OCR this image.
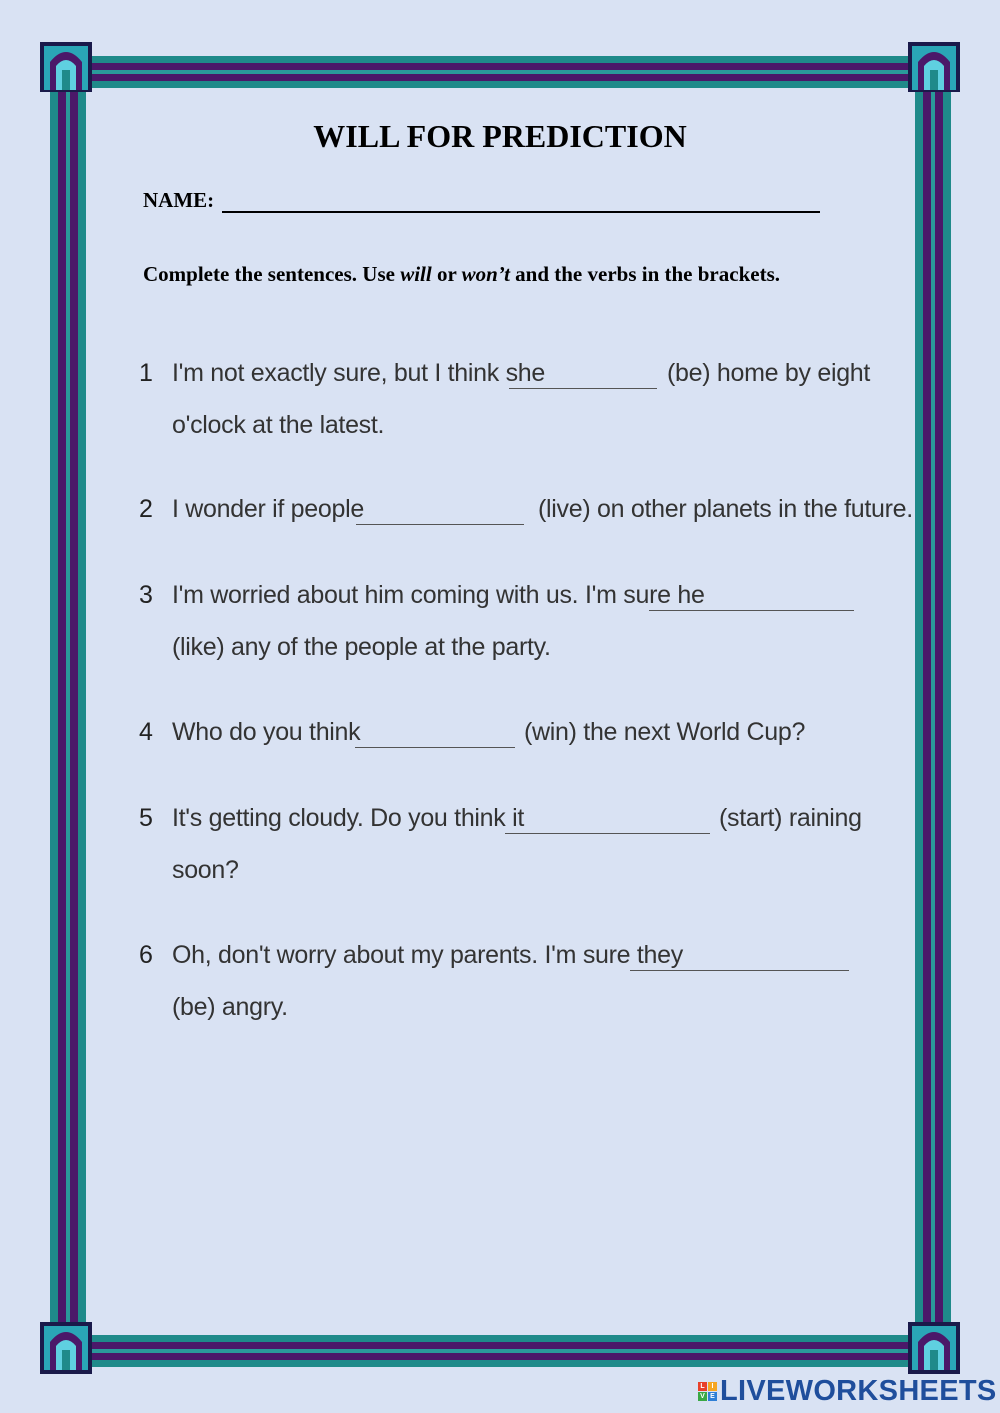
WILL FOR PREDICTION
NAME:
Complete the sentences. Use will or won’t and the verbs in the brackets.
1 I'm not exactly sure, but I think she	(be) home by eight
o'clock at the latest.
2 I wonder if people	(live) on other planets in the future.
3 I'm worried about him coming with us. I'm sure he
(like) any of the people at the party.
4 Who do you think	(win) the next World Cup?
5 It's getting cloudy. Do you think it	(start) raining
soon?
6 Oh, don't worry about my parents. I'm sure they
(be) angry.
L I
V E LIVEWORKSHEETS
